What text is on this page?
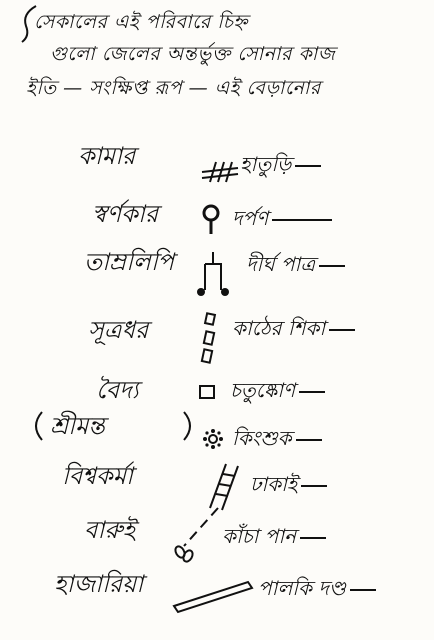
সেকালের এই পরিবারে চিহ্ন
গুলো জেলের অন্তর্ভুক্ত সোনার কাজ
ইতি — সংক্ষিপ্ত রূপ — এই বেড়ানোর
কামার	হাতুড়ি
স্বর্ণকার	দর্পণ
তাম্রলিপি	দীর্ঘ পাত্র
সূত্রধর	কাঠের শিকা
বৈদ্য	চতুষ্কোণ
শ্রীমন্ত	কিংশুক
বিশ্বকর্মা	ঢাকাই
বারুই	কাঁচা পান
হাজারিয়া	পালকি দণ্ড
